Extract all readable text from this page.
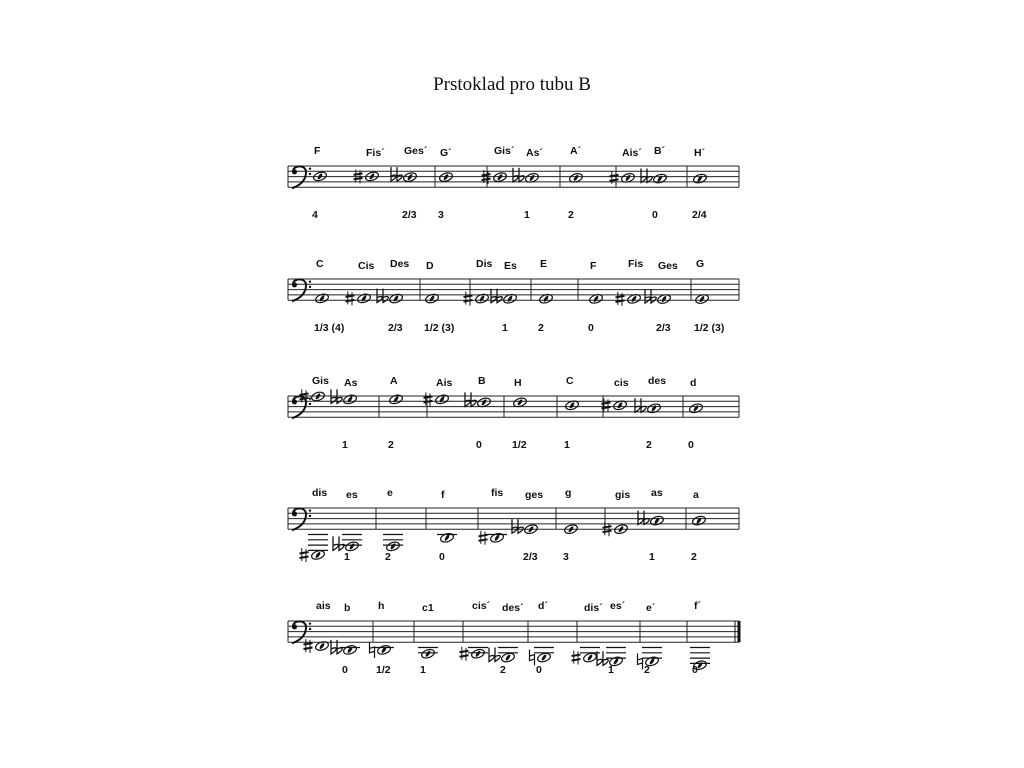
Prstoklad pro tubu B
F
4
Fis´ Ges´
2/3
G´
3
Gis´ As´
1
A´
2
Ais´ B´
0
H´
2/4
C
1/3 (4)
Cis Des
2/3
D
1/2 (3)
Dis Es
1
E
2
F
0
Fis Ges
2/3
G
1/2 (3)
Gis As
1
A
2
Ais B
0
H
1/2
C
1
cis des
2
d
0
dis es
1
e
2
f
0
fis ges
2/3
g
3
gis as
1
a
2
ais b
0
h
1/2
c1
1
cis´ des´
2
d´
0
dis´ es´
1
e´
2
f´
0
